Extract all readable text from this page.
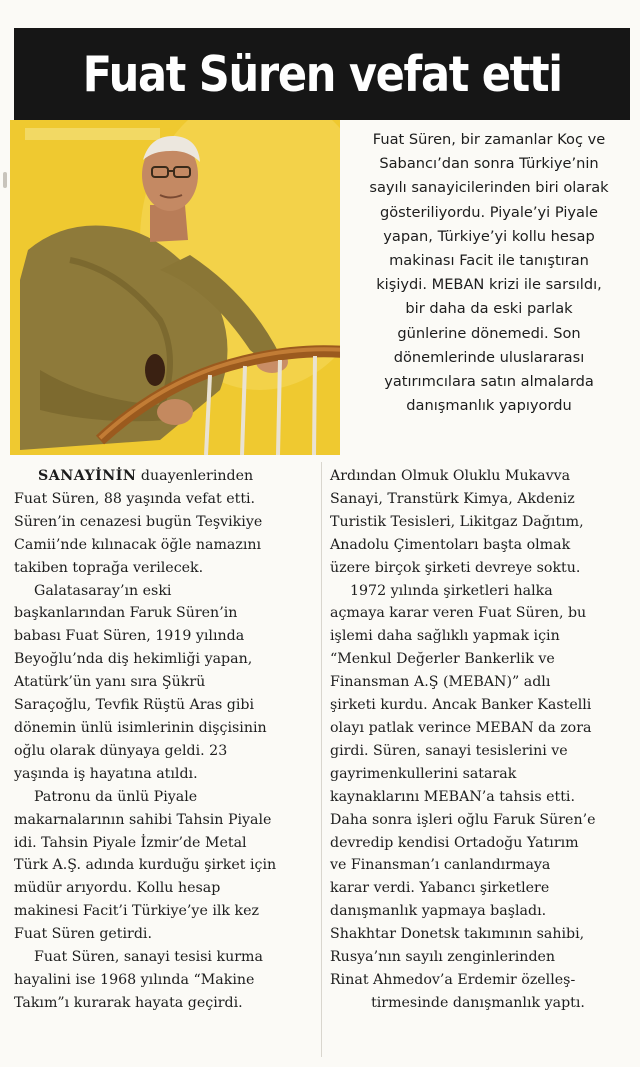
Fuat Süren vefat etti
Fuat Süren, bir zamanlar Koç ve
Sabancı’dan sonra Türkiye’nin
sayılı sanayicilerinden biri olarak
gösteriliyordu. Piyale’yi Piyale
yapan, Türkiye’yi kollu hesap
makinası Facit ile tanıştıran
kişiydi. MEBAN krizi ile sarsıldı,
bir daha da eski parlak
günlerine dönemedi. Son
dönemlerinde uluslararası
yatırımcılara satın almalarda
danışmanlık yapıyordu

SANAYİNİN duayenlerinden

Fuat Süren, 88 yaşında vefat etti.

Süren’in cenazesi bugün Teşvikiye

Camii’nde kılınacak öğle namazını

takiben toprağa verilecek.

Galatasaray’ın eski

başkanlarından Faruk Süren’in

babası Fuat Süren, 1919 yılında

Beyoğlu’nda diş hekimliği yapan,

Atatürk’ün yanı sıra Şükrü

Saraçoğlu, Tevfik Rüştü Aras gibi

dönemin ünlü isimlerinin dişçisinin

oğlu olarak dünyaya geldi. 23

yaşında iş hayatına atıldı.

Patronu da ünlü Piyale

makarnalarının sahibi Tahsin Piyale

idi. Tahsin Piyale İzmir’de Metal

Türk A.Ş. adında kurduğu şirket için

müdür arıyordu. Kollu hesap

makinesi Facit’i Türkiye’ye ilk kez

Fuat Süren getirdi.

Fuat Süren, sanayi tesisi kurma

hayalini ise 1968 yılında “Makine

Takım”ı kurarak hayata geçirdi.

Ardından Olmuk Oluklu Mukavva

Sanayi, Transtürk Kimya, Akdeniz

Turistik Tesisleri, Likitgaz Dağıtım,

Anadolu Çimentoları başta olmak

üzere birçok şirketi devreye soktu.

1972 yılında şirketleri halka

açmaya karar veren Fuat Süren, bu

işlemi daha sağlıklı yapmak için

“Menkul Değerler Bankerlik ve

Finansman A.Ş (MEBAN)” adlı

şirketi kurdu. Ancak Banker Kastelli

olayı patlak verince MEBAN da zora

girdi. Süren, sanayi tesislerini ve

gayrimenkullerini satarak

kaynaklarını MEBAN’a tahsis etti.

Daha sonra işleri oğlu Faruk Süren’e

devredip kendisi Ortadoğu Yatırım

ve Finansman’ı canlandırmaya

karar verdi. Yabancı şirketlere

danışmanlık yapmaya başladı.

Shakhtar Donetsk takımının sahibi,

Rusya’nın sayılı zenginlerinden

Rinat Ahmedov’a Erdemir özelleş-

tirmesinde danışmanlık yaptı.
